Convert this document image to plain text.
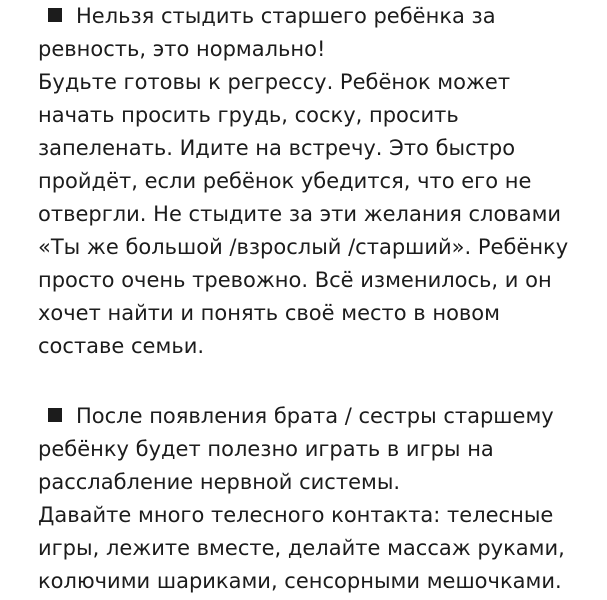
Нельзя стыдить старшего ребёнка за
ревность, это нормально!
Будьте готовы к регрессу. Ребёнок может
начать просить грудь, соску, просить
запеленать. Идите на встречу. Это быстро
пройдёт, если ребёнок убедится, что его не
отвергли. Не стыдите за эти желания словами
«Ты же большой /взрослый /старший». Ребёнку
просто очень тревожно. Всё изменилось, и он
хочет найти и понять своё место в новом
составе семьи.
После появления брата / сестры старшему
ребёнку будет полезно играть в игры на
расслабление нервной системы.
Давайте много телесного контакта: телесные
игры, лежите вместе, делайте массаж руками,
колючими шариками, сенсорными мешочками.
